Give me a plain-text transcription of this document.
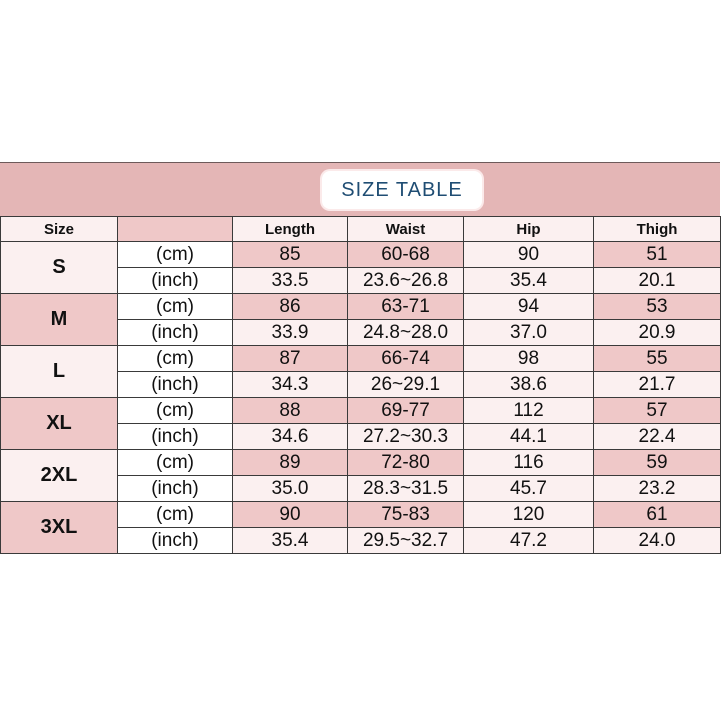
SIZE TABLE
Size		Length	Waist	Hip	Thigh
S	(cm)	85	60-68	90	51
	(inch)	33.5	23.6~26.8	35.4	20.1
M	(cm)	86	63-71	94	53
	(inch)	33.9	24.8~28.0	37.0	20.9
L	(cm)	87	66-74	98	55
	(inch)	34.3	26~29.1	38.6	21.7
XL	(cm)	88	69-77	112	57
	(inch)	34.6	27.2~30.3	44.1	22.4
2XL	(cm)	89	72-80	116	59
	(inch)	35.0	28.3~31.5	45.7	23.2
3XL	(cm)	90	75-83	120	61
	(inch)	35.4	29.5~32.7	47.2	24.0
